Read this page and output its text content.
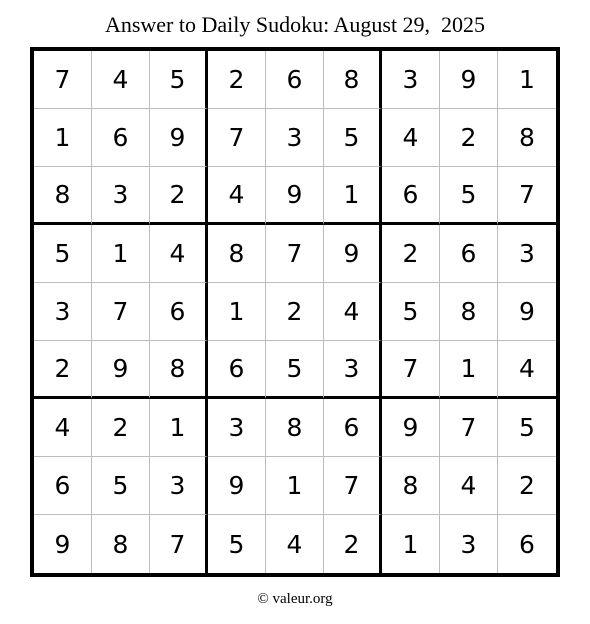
Answer to Daily Sudoku: August 29,  2025
7	4	5	2	6	8	3	9	1
1	6	9	7	3	5	4	2	8
8	3	2	4	9	1	6	5	7
5	1	4	8	7	9	2	6	3
3	7	6	1	2	4	5	8	9
2	9	8	6	5	3	7	1	4
4	2	1	3	8	6	9	7	5
6	5	3	9	1	7	8	4	2
9	8	7	5	4	2	1	3	6
© valeur.org
